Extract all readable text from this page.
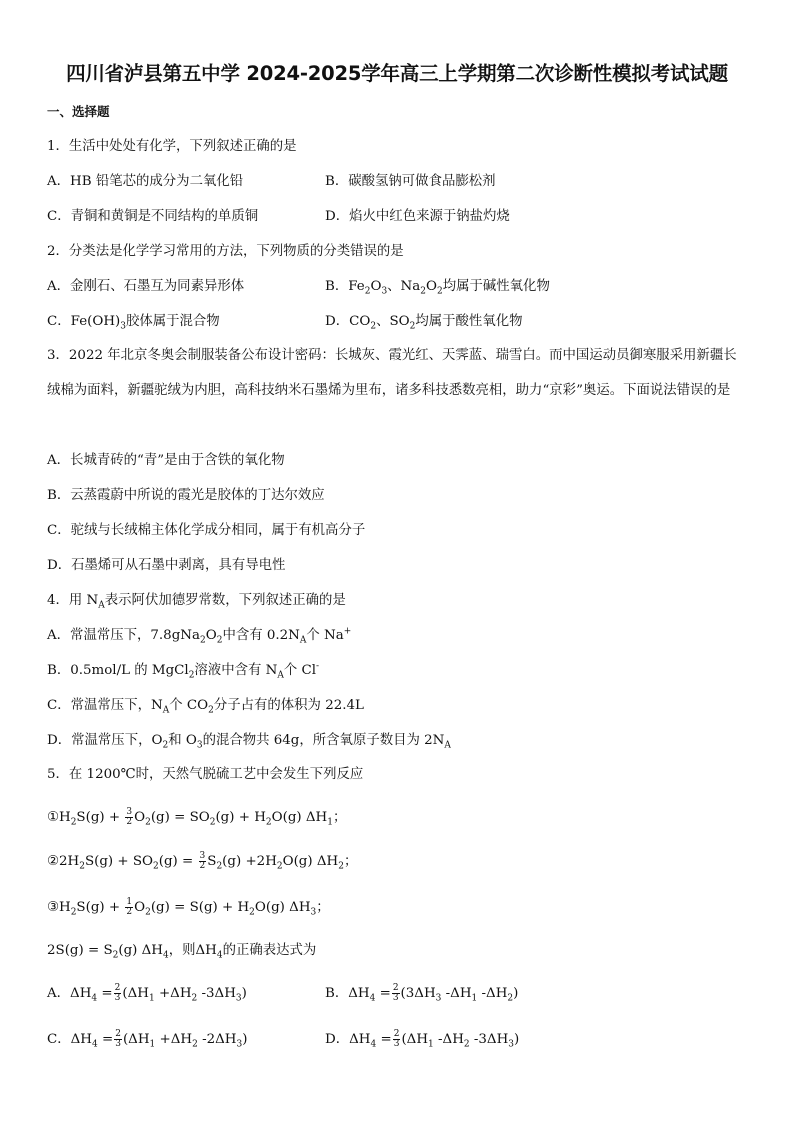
四川省泸县第五中学 2024-2025学年高三上学期第二次诊断性模拟考试试题
一、选择题
1．生活中处处有化学，下列叙述正确的是
A．HB 铅笔芯的成分为二氧化铅	B．碳酸氢钠可做食品膨松剂
C．青铜和黄铜是不同结构的单质铜	D．焰火中红色来源于钠盐灼烧
2．分类法是化学学习常用的方法，下列物质的分类错误的是
A．金刚石、石墨互为同素异形体	B．$Fe_2O_3$、$Na_2O_2$均属于碱性氧化物
C．$Fe(OH)_3$胶体属于混合物	D．$CO_2$、$SO_2$均属于酸性氧化物
3．2022 年北京冬奥会制服装备公布设计密码：长城灰、霞光红、天霁蓝、瑞雪白。而中国运动员御寒服采用新疆长绒棉为面料，新疆驼绒为内胆，高科技纳米石墨烯为里布，诸多科技悉数亮相，助力“京彩”奥运。下面说法错误的是
A．长城青砖的“青”是由于含铁的氧化物
B．云蒸霞蔚中所说的霞光是胶体的丁达尔效应
C．驼绒与长绒棉主体化学成分相同，属于有机高分子
D．石墨烯可从石墨中剥离，具有导电性
4．用 $N_A$表示阿伏加德罗常数，下列叙述正确的是
A．常温常压下，$7.8gNa_2O_2$中含有 $0.2N_A$个 Na+
B．0.5mol/L 的 MgCl$_2$溶液中含有 $N_A$个 Cl-
C．常温常压下，$N_A$个 $CO_2$分子占有的体积为 22.4L
D．常温常压下，$O_2$和 $O_3$的混合物共 64g，所含氧原子数目为 $2N_A$
5．在 1200℃时，天然气脱硫工艺中会发生下列反应
$①H_2S(g) + \frac{3}{2} O_2(g) = SO_2(g) + H_2O(g)$ $\Delta H_1$；
$②2H_2S(g) + SO_2(g) = \frac{3}{2} S_2(g) +2H_2O(g)$ $\Delta H_2$；
$③H_2S(g) + \frac{1}{2} O_2(g) = S(g) + H_2O(g)$ $\Delta H_3$；
$2S(g) = S_2(g)$ $\Delta H_4$，则$\Delta H_4$的正确表达式为
A．$\Delta H_4 = \frac{2}{3} (\Delta H_1 +\Delta H_2$ $-3\Delta H_3$)	B．$\Delta H_4 = \frac{2}{3} (3\Delta H_3$ $-\Delta H_1$ $-\Delta H_2$)
C．$\Delta H_4 = \frac{2}{3} (\Delta H_1 +\Delta H_2$ $-2\Delta H_3$)	D．$\Delta H_4 = \frac{2}{3} (\Delta H_1$ $-\Delta H_2$ $-3\Delta H_3$)
